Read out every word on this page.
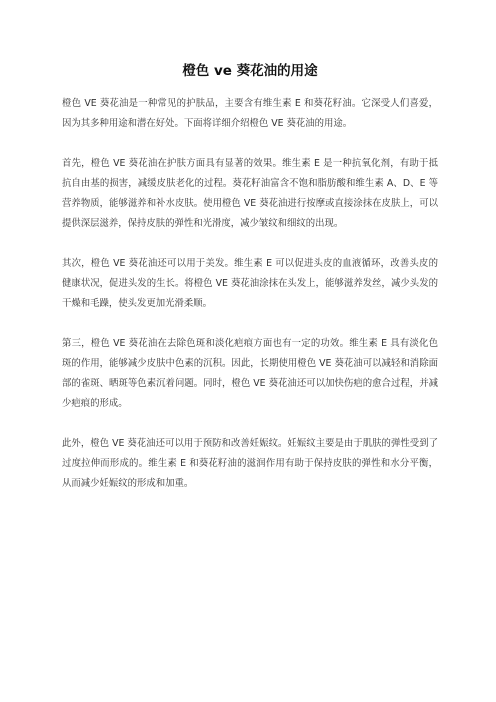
橙色 ve 葵花油的用途

橙色 VE 葵花油是一种常见的护肤品，主要含有维生素 E 和葵花籽油。它深受人们喜爱，因为其多种用途和潜在好处。下面将详细介绍橙色 VE 葵花油的用途。

首先，橙色 VE 葵花油在护肤方面具有显著的效果。维生素 E 是一种抗氧化剂，有助于抵抗自由基的损害，减缓皮肤老化的过程。葵花籽油富含不饱和脂肪酸和维生素 A、D、E 等营养物质，能够滋养和补水皮肤。使用橙色 VE 葵花油进行按摩或直接涂抹在皮肤上，可以提供深层滋养，保持皮肤的弹性和光滑度，减少皱纹和细纹的出现。

其次，橙色 VE 葵花油还可以用于美发。维生素 E 可以促进头皮的血液循环，改善头皮的健康状况，促进头发的生长。将橙色 VE 葵花油涂抹在头发上，能够滋养发丝，减少头发的干燥和毛躁，使头发更加光滑柔顺。

第三，橙色 VE 葵花油在去除色斑和淡化疤痕方面也有一定的功效。维生素 E 具有淡化色斑的作用，能够减少皮肤中色素的沉积。因此，长期使用橙色 VE 葵花油可以减轻和消除面部的雀斑、晒斑等色素沉着问题。同时，橙色 VE 葵花油还可以加快伤疤的愈合过程，并减少疤痕的形成。

此外，橙色 VE 葵花油还可以用于预防和改善妊娠纹。妊娠纹主要是由于肌肤的弹性受到了过度拉伸而形成的。维生素 E 和葵花籽油的滋润作用有助于保持皮肤的弹性和水分平衡，从而减少妊娠纹的形成和加重。
